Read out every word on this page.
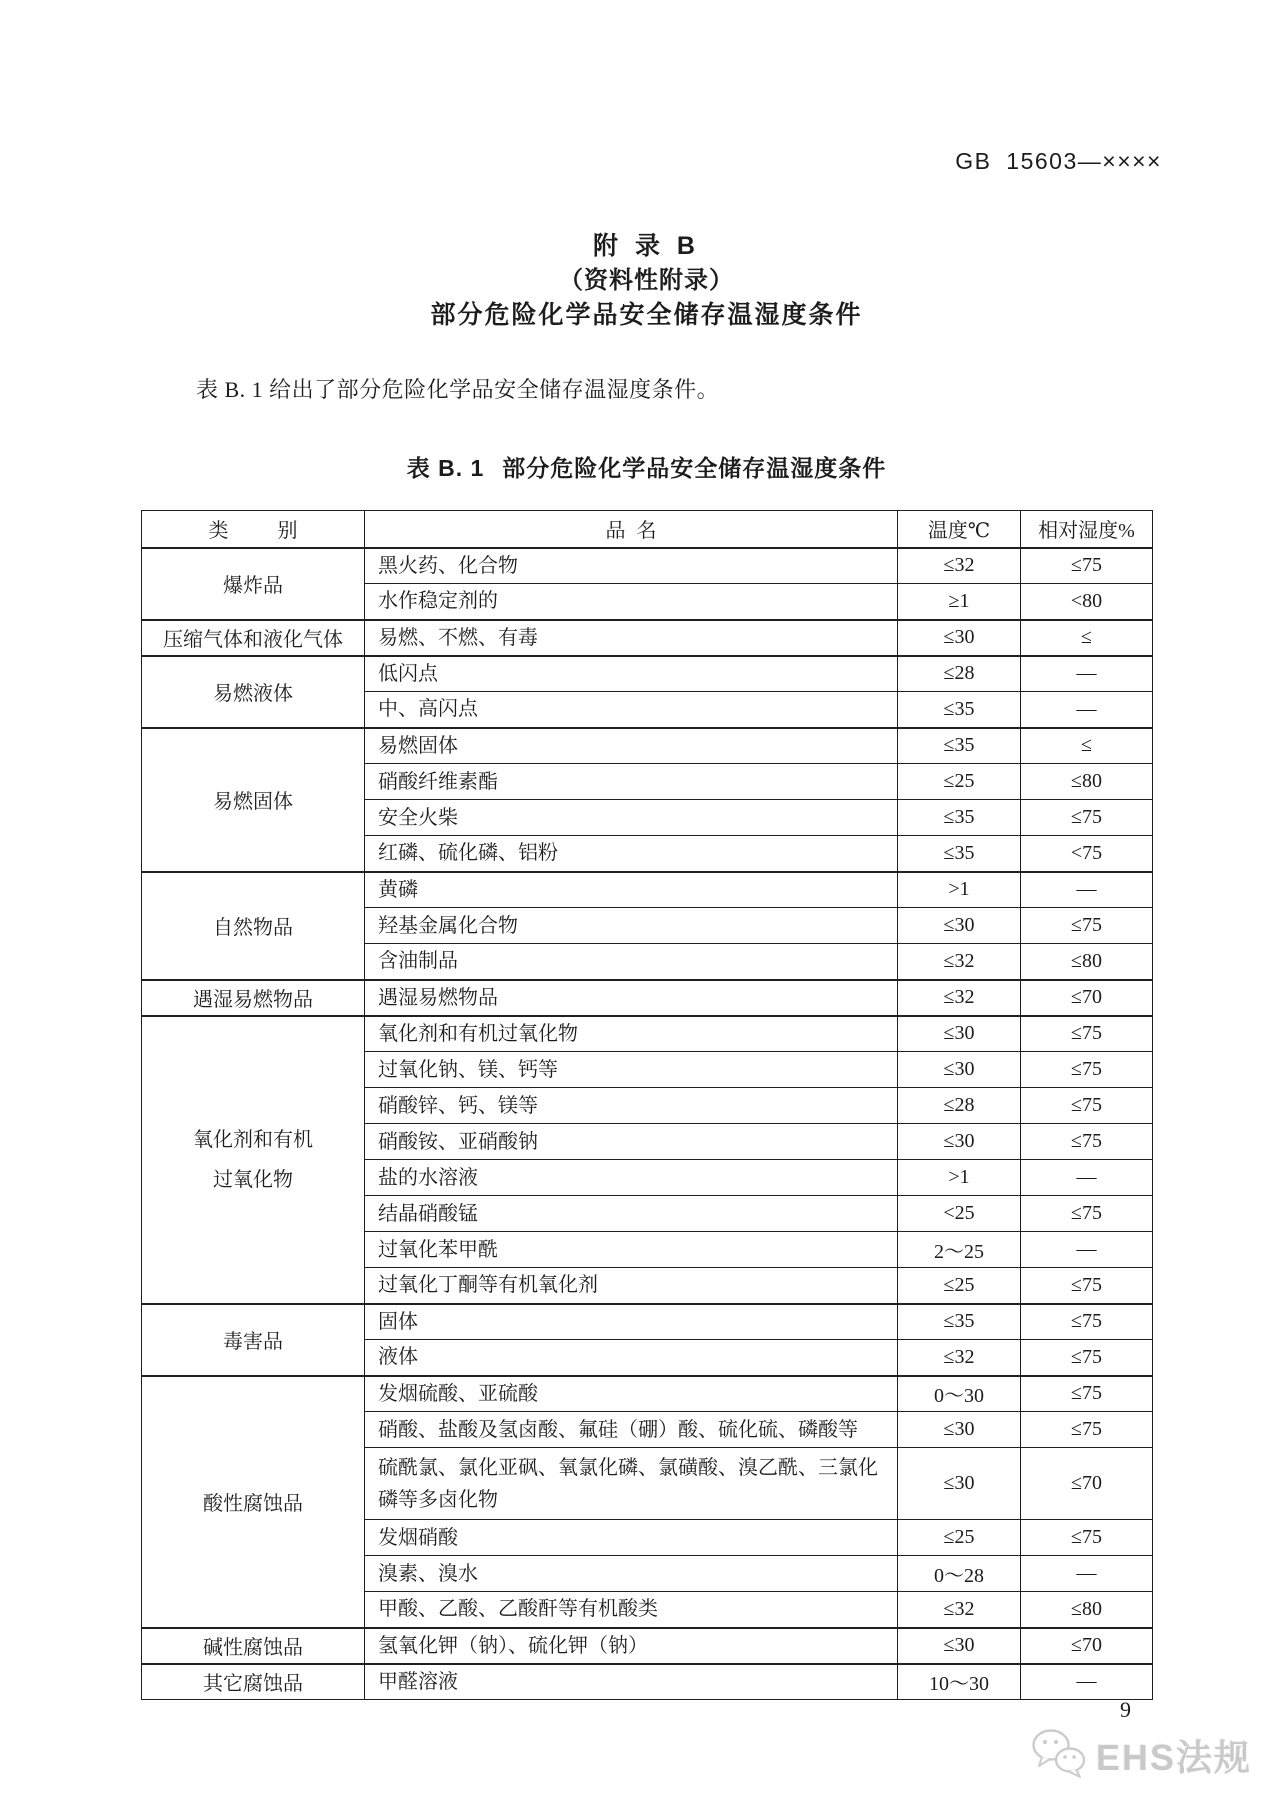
GB 15603—××××
附 录 B
（资料性附录）
部分危险化学品安全储存温湿度条件

表 B. 1 给出了部分危险化学品安全储存温湿度条件。

表 B. 1 部分危险化学品安全储存温湿度条件
类 别	品 名	温度℃	相对湿度%
爆炸品	黑火药、化合物	≤32	≤75
	水作稳定剂的	≥1	<80
压缩气体和液化气体	易燃、不燃、有毒	≤30	≤
易燃液体	低闪点	≤28	—
	中、高闪点	≤35	—
易燃固体	易燃固体	≤35	≤
	硝酸纤维素酯	≤25	≤80
	安全火柴	≤35	≤75
	红磷、硫化磷、铝粉	≤35	<75
自然物品	黄磷	>1	—
	羟基金属化合物	≤30	≤75
	含油制品	≤32	≤80
遇湿易燃物品	遇湿易燃物品	≤32	≤70
氧化剂和有机过氧化物	氧化剂和有机过氧化物	≤30	≤75
	过氧化钠、镁、钙等	≤30	≤75
	硝酸锌、钙、镁等	≤28	≤75
	硝酸铵、亚硝酸钠	≤30	≤75
	盐的水溶液	>1	—
	结晶硝酸锰	<25	≤75
	过氧化苯甲酰	2～25	—
	过氧化丁酮等有机氧化剂	≤25	≤75
毒害品	固体	≤35	≤75
	液体	≤32	≤75
酸性腐蚀品	发烟硫酸、亚硫酸	0～30	≤75
	硝酸、盐酸及氢卤酸、氟硅（硼）酸、硫化硫、磷酸等	≤30	≤75
	硫酰氯、氯化亚砜、氧氯化磷、氯磺酸、溴乙酰、三氯化磷等多卤化物	≤30	≤70
	发烟硝酸	≤25	≤75
	溴素、溴水	0～28	—
	甲酸、乙酸、乙酸酐等有机酸类	≤32	≤80
碱性腐蚀品	氢氧化钾（钠）、硫化钾（钠）	≤30	≤70
其它腐蚀品	甲醛溶液	10～30	—
9
EHS法规
